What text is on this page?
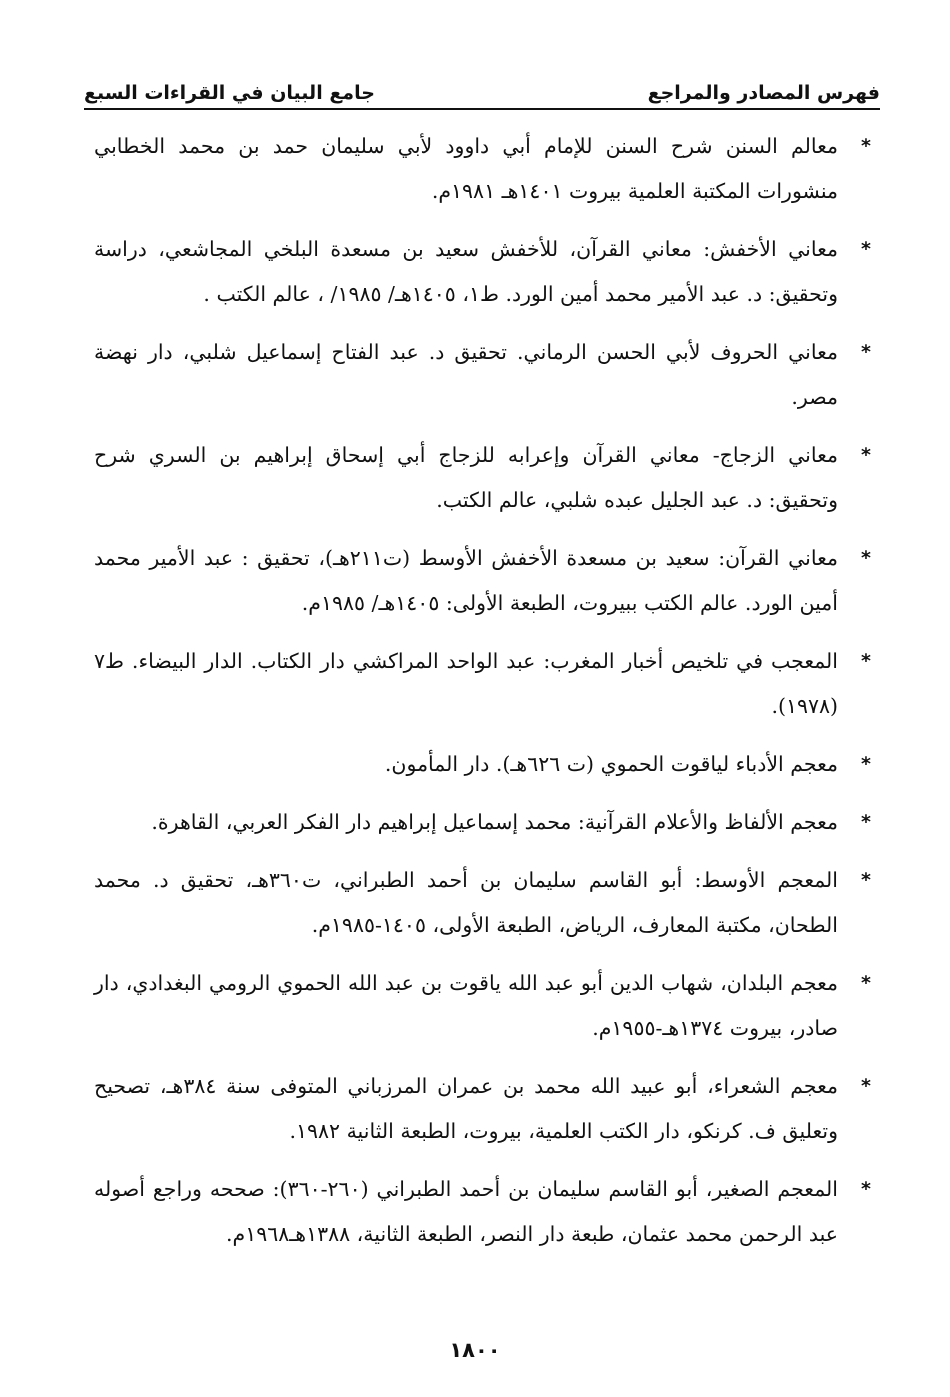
فهرس المصادر والمراجع
جامع البيان في القراءات السبع
*
معالم السنن شرح السنن للإمام أبي داوود لأبي سليمان حمد بن محمد الخطابي منشورات المكتبة العلمية بيروت ١٤٠١هـ ١٩٨١م.
*
معاني الأخفش: معاني القرآن، للأخفش سعيد بن مسعدة البلخي المجاشعي، دراسة وتحقيق: د. عبد الأمير محمد أمين الورد. ط١، ١٤٠٥هـ/ ١٩٨٥/ ، عالم الكتب .
*
معاني الحروف لأبي الحسن الرماني. تحقيق د. عبد الفتاح إسماعيل شلبي، دار نهضة مصر.
*
معاني الزجاج- معاني القرآن وإعرابه للزجاج أبي إسحاق إبراهيم بن السري شرح وتحقيق: د. عبد الجليل عبده شلبي، عالم الكتب.
*
معاني القرآن: سعيد بن مسعدة الأخفش الأوسط (ت٢١١هـ)، تحقيق : عبد الأمير محمد أمين الورد. عالم الكتب ببيروت، الطبعة الأولى: ١٤٠٥هـ/ ١٩٨٥م.
*
المعجب في تلخيص أخبار المغرب: عبد الواحد المراكشي دار الكتاب. الدار البيضاء. ط٧ (١٩٧٨).
*
معجم الأدباء لياقوت الحموي (ت ٦٢٦هـ). دار المأمون.
*
معجم الألفاظ والأعلام القرآنية: محمد إسماعيل إبراهيم دار الفكر العربي، القاهرة.
*
المعجم الأوسط: أبو القاسم سليمان بن أحمد الطبراني، ت٣٦٠هـ، تحقيق د. محمد الطحان، مكتبة المعارف، الرياض، الطبعة الأولى، ١٤٠٥-١٩٨٥م.
*
معجم البلدان، شهاب الدين أبو عبد الله ياقوت بن عبد الله الحموي الرومي البغدادي، دار صادر، بيروت ١٣٧٤هـ-١٩٥٥م.
*
معجم الشعراء، أبو عبيد الله محمد بن عمران المرزباني المتوفى سنة ٣٨٤هـ، تصحيح وتعليق ف. كرنكو، دار الكتب العلمية، بيروت، الطبعة الثانية ١٩٨٢.
*
المعجم الصغير، أبو القاسم سليمان بن أحمد الطبراني (٢٦٠-٣٦٠): صححه وراجع أصوله عبد الرحمن محمد عثمان، طبعة دار النصر، الطبعة الثانية، ١٣٨٨هـ١٩٦٨م.
١٨٠٠
